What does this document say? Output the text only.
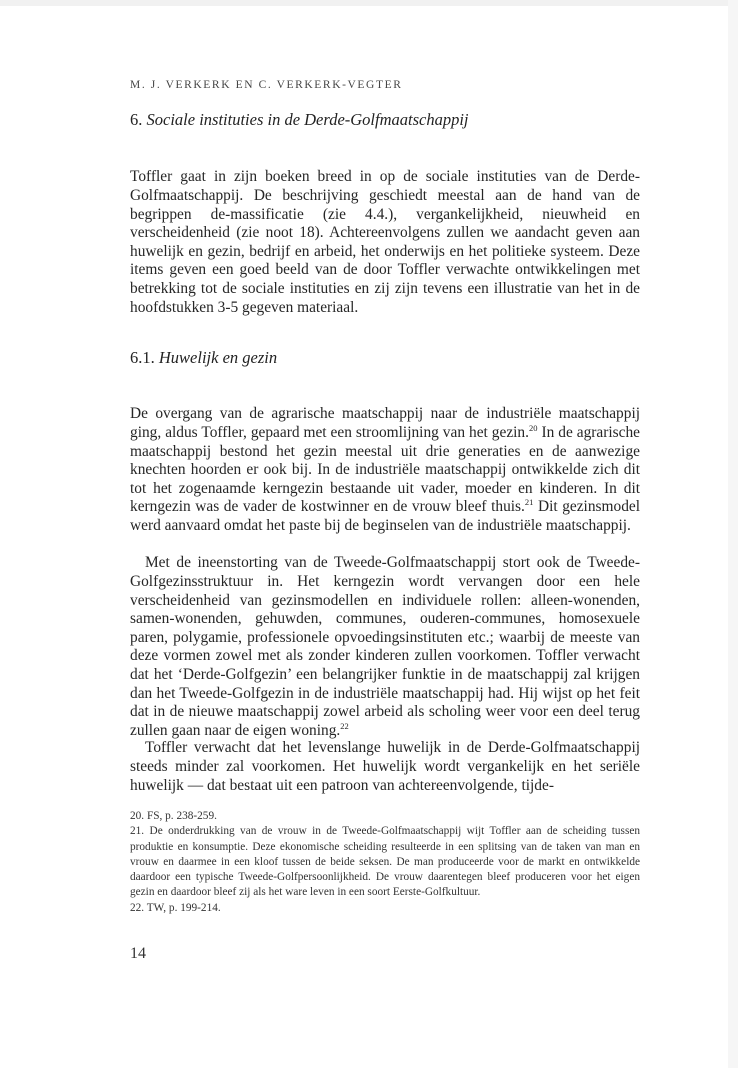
M. J. VERKERK EN C. VERKERK-VEGTER
6. Sociale instituties in de Derde-Golfmaatschappij

Toffler gaat in zijn boeken breed in op de sociale instituties van de Derde-Golfmaatschappij. De beschrijving geschiedt meestal aan de hand van de begrippen de-massificatie (zie 4.4.), vergankelijkheid, nieuwheid en verscheidenheid (zie noot 18). Achtereenvolgens zullen we aandacht geven aan huwelijk en gezin, bedrijf en arbeid, het onderwijs en het politieke systeem. Deze items geven een goed beeld van de door Toffler verwachte ontwikkelingen met betrekking tot de sociale instituties en zij zijn tevens een illustratie van het in de hoofdstukken 3-5 gegeven materiaal.

6.1. Huwelijk en gezin

De overgang van de agrarische maatschappij naar de industriële maatschappij ging, aldus Toffler, gepaard met een stroomlijning van het gezin.$^{20}$ In de agrarische maatschappij bestond het gezin meestal uit drie generaties en de aanwezige knechten hoorden er ook bij. In de industriële maatschappij ontwikkelde zich dit tot het zogenaamde kerngezin bestaande uit vader, moeder en kinderen. In dit kerngezin was de vader de kostwinner en de vrouw bleef thuis.$^{21}$ Dit gezinsmodel werd aanvaard omdat het paste bij de beginselen van de industriële maatschappij.

Met de ineenstorting van de Tweede-Golfmaatschappij stort ook de Tweede-Golfgezinsstruktuur in. Het kerngezin wordt vervangen door een hele verscheidenheid van gezinsmodellen en individuele rollen: alleen-wonenden, samen-wonenden, gehuwden, communes, ouderen-communes, homosexuele paren, polygamie, professionele opvoedingsinstituten etc.; waarbij de meeste van deze vormen zowel met als zonder kinderen zullen voorkomen. Toffler verwacht dat het ‘Derde-Golfgezin’ een belangrijker funktie in de maatschappij zal krijgen dan het Tweede-Golfgezin in de industriële maatschappij had. Hij wijst op het feit dat in de nieuwe maatschappij zowel arbeid als scholing weer voor een deel terug zullen gaan naar de eigen woning.$^{22}$

Toffler verwacht dat het levenslange huwelijk in de Derde-Golfmaatschappij steeds minder zal voorkomen. Het huwelijk wordt vergankelijk en het seriële huwelijk — dat bestaat uit een patroon van achtereenvolgende, tijde-

20. FS, p. 238-259.

21. De onderdrukking van de vrouw in de Tweede-Golfmaatschappij wijt Toffler aan de scheiding tussen produktie en konsumptie. Deze ekonomische scheiding resulteerde in een splitsing van de taken van man en vrouw en daarmee in een kloof tussen de beide seksen. De man produceerde voor de markt en ontwikkelde daardoor een typische Tweede-Golfpersoonlijkheid. De vrouw daarentegen bleef produceren voor het eigen gezin en daardoor bleef zij als het ware leven in een soort Eerste-Golfkultuur.

22. TW, p. 199-214.

14
